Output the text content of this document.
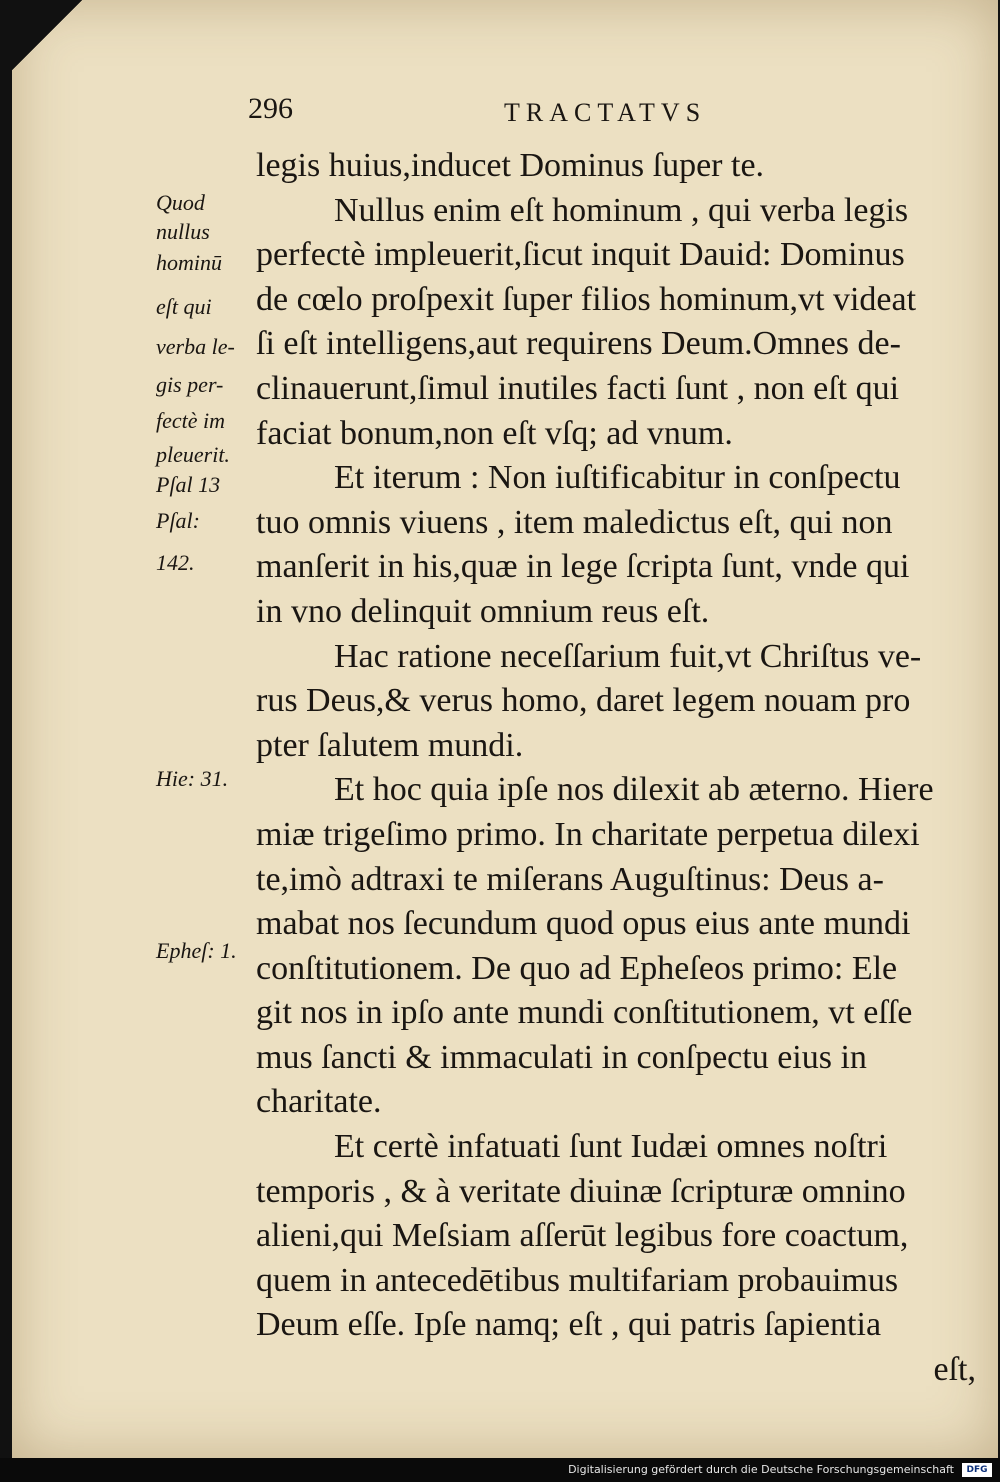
296	TRACTATVS
Quod
nullus
hominū
eſt qui
verba le-
gis per-
fectè im
pleuerit.
Pſal 13
Pſal:
142.
Hie: 31.
Epheſ: 1.
legis huius,inducet Dominus ſuper te.
Nullus enim eſt hominum , qui verba legis
perfectè impleuerit,ſicut inquit Dauid: Dominus
de cœlo proſpexit ſuper filios hominum,vt videat
ſi eſt intelligens,aut requirens Deum.Omnes de-
clinauerunt,ſimul inutiles facti ſunt , non eſt qui
faciat bonum,non eſt vſq; ad vnum.
Et iterum : Non iuſtificabitur in conſpectu
tuo omnis viuens , item maledictus eſt, qui non
manſerit in his,quæ in lege ſcripta ſunt, vnde qui
in vno delinquit omnium reus eſt.
Hac ratione neceſſarium fuit,vt Chriſtus ve-
rus Deus,& verus homo, daret legem nouam pro
pter ſalutem mundi.
Et hoc quia ipſe nos dilexit ab æterno. Hiere
miæ trigeſimo primo. In charitate perpetua dilexi
te,imò adtraxi te miſerans Auguſtinus: Deus a-
mabat nos ſecundum quod opus eius ante mundi
conſtitutionem. De quo ad Epheſeos primo: Ele
git nos in ipſo ante mundi conſtitutionem, vt eſſe
mus ſancti & immaculati in conſpectu eius in
charitate.
Et certè infatuati ſunt Iudæi omnes noſtri
temporis , & à veritate diuinæ ſcripturæ omnino
alieni,qui Meſsiam aſſerūt legibus fore coactum,
quem in antecedētibus multifariam probauimus
Deum eſſe. Ipſe namq; eſt , qui patris ſapientia
eſt,
Digitalisierung gefördert durch die Deutsche Forschungsgemeinschaft	DFG
